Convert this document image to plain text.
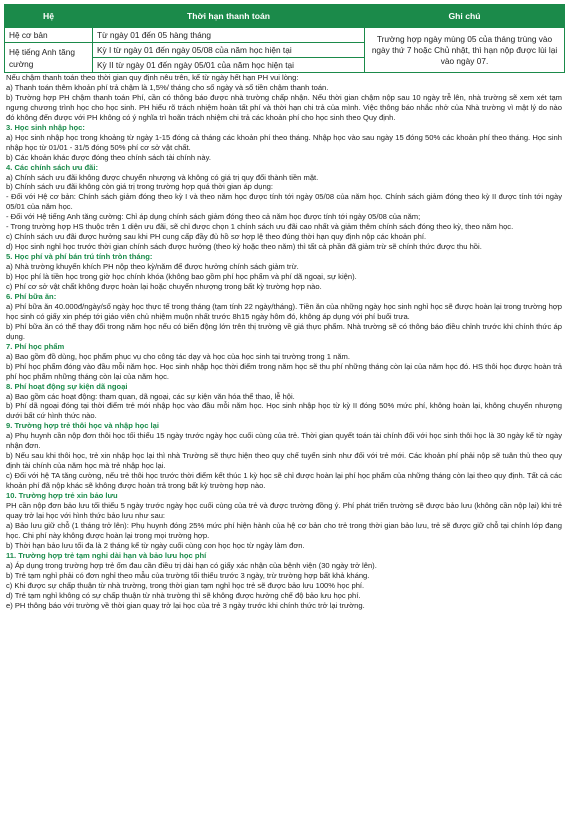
Hệ	Thời hạn thanh toán	Ghi chú
Hệ cơ bản	Từ ngày 01 đến 05 hàng tháng	Trường hợp ngày mùng 05 của tháng trùng vào ngày thứ 7 hoặc Chủ nhật, thì hạn nộp được lùi lại vào ngày 07.
Hệ tiếng Anh tăng cường	Kỳ I từ ngày 01 đến ngày 05/08 của năm học hiện tại
Kỳ II từ ngày 01 đến ngày 05/01 của năm học hiện tại	

Nếu chậm thanh toán theo thời gian quy định nêu trên, kể từ ngày hết hạn PH vui lòng:

a) Thanh toán thêm khoản phí trả chậm là 1,5%/ tháng cho số ngày và số tiền chậm thanh toán.

b) Trường hợp PH chậm thanh toán Phí, cần có thông báo được nhà trường chấp nhận. Nếu thời gian chậm nộp sau 10 ngày trễ lên, nhà trường sẽ xem xét tạm ngưng chương trình học cho học sinh. PH hiểu rõ trách nhiệm hoàn tất phí và thời hạn chi trả của mình. Việc thông báo nhắc nhở của Nhà trường vì mật lý do nào đó không đến được với PH không có ý nghĩa trì hoãn trách nhiệm chi trả các khoản phí cho học sinh theo Quy định.

3. Học sinh nhập học:

a) Học sinh nhập học trong khoảng từ ngày 1-15 đóng cả tháng các khoản phí theo tháng. Nhập học vào sau ngày 15 đóng 50% các khoản phí theo tháng. Học sinh nhập học từ 01/01 - 31/5 đóng 50% phí cơ sở vật chất.

b) Các khoản khác được đóng theo chính sách tài chính này.

4. Các chính sách ưu đãi:

a) Chính sách ưu đãi không được chuyển nhượng và không có giá trị quy đổi thành tiền mặt.

b) Chính sách ưu đãi không còn giá trị trong trường hợp quá thời gian áp dụng:

- Đối với Hệ cơ bản: Chính sách giảm đóng theo kỳ I và theo năm học được tính tới ngày 05/08 của năm học. Chính sách giảm đóng theo kỳ II được tính tới ngày 05/01 của năm học.

- Đối với Hệ tiếng Anh tăng cường: Chỉ áp dụng chính sách giảm đóng theo cả năm học được tính tới ngày 05/08 của năm;

- Trong trường hợp HS thuộc trên 1 diện ưu đãi, sẽ chỉ được chọn 1 chính sách ưu đãi cao nhất và giảm thêm chính sách đóng theo kỳ, theo năm học.

c) Chính sách ưu đãi được hưởng sau khi PH cung cấp đầy đủ hồ sơ hợp lệ theo đúng thời hạn quy định nộp các khoản phí.

d) Học sinh nghỉ học trước thời gian chính sách được hưởng (theo kỳ hoặc theo năm) thì tất cả phần đã giảm trừ sẽ chính thức được thu hồi.

5. Học phí và phí bán trú tính tròn tháng:

a) Nhà trường khuyến khích PH nộp theo kỳ/năm để được hưởng chính sách giảm trừ.

b) Học phí là tiền học trong giờ học chính khóa (không bao gồm phí học phẩm và phí dã ngoại, sự kiện).

c) Phí cơ sở vật chất không được hoàn lại hoặc chuyển nhượng trong bất kỳ trường hợp nào.

6. Phí bữa ăn:

a) Phí bữa ăn 40.000đ/ngày/số ngày học thực tế trong tháng (tạm tính 22 ngày/tháng). Tiền ăn của những ngày học sinh nghỉ học sẽ được hoàn lại trong trường hợp học sinh có giấy xin phép tới giáo viên chủ nhiệm muộn nhất trước 8h15 ngày hôm đó, không áp dụng với phí buổi trưa.

b) Phí bữa ăn có thể thay đổi trong năm học nếu có biến động lớn trên thị trường về giá thực phẩm. Nhà trường sẽ có thông báo điều chỉnh trước khi chính thức áp dụng.

7. Phí học phẩm

a) Bao gồm đồ dùng, học phẩm phục vụ cho công tác dạy và học của học sinh tại trường trong 1 năm.

b) Phí học phẩm đóng vào đầu mỗi năm học. Học sinh nhập học thời điểm trong năm học sẽ thu phí những tháng còn lại của năm học đó. HS thôi học được hoàn trả phí học phẩm những tháng còn lại của năm học.

8. Phí hoạt động sự kiện dã ngoại

a) Bao gồm các hoạt động: tham quan, dã ngoại, các sự kiện văn hóa thể thao, lễ hội.

b) Phí dã ngoại đóng tại thời điểm trẻ mới nhập học vào đầu mỗi năm học. Học sinh nhập học từ kỳ II đóng 50% mức phí, không hoàn lại, không chuyển nhượng dưới bất cứ hình thức nào.

9. Trường hợp trẻ thôi học và nhập học lại

a) Phụ huynh cần nộp đơn thôi học tối thiểu 15 ngày trước ngày học cuối cùng của trẻ. Thời gian quyết toán tài chính đối với học sinh thôi học là 30 ngày kể từ ngày nhận đơn.

b) Nếu sau khi thôi học, trẻ xin nhập học lại thì nhà Trường sẽ thực hiện theo quy chế tuyển sinh như đối với trẻ mới. Các khoản phí phải nộp sẽ tuân thủ theo quy định tài chính của năm học mà trẻ nhập học lại.

c) Đối với hệ TA tăng cường, nếu trẻ thôi học trước thời điểm kết thúc 1 kỳ học sẽ chỉ được hoàn lại phí học phẩm của những tháng còn lại theo quy định. Tất cả các khoản phí đã nộp khác sẽ không được hoàn trả trong bất kỳ trường hợp nào.

10. Trường hợp trẻ xin bảo lưu

PH cần nộp đơn bảo lưu tối thiểu 5 ngày trước ngày học cuối cùng của trẻ và được trường đồng ý. Phí phát triển trường sẽ được bảo lưu (không cần nộp lại) khi trẻ quay trở lại học với hình thức bảo lưu như sau:

a) Bảo lưu giữ chỗ (1 tháng trở lên): Phụ huynh đóng 25% mức phí hiện hành của hệ cơ bản cho trẻ trong thời gian bảo lưu, trẻ sẽ được giữ chỗ tại chính lớp đang học. Chi phí này không được hoàn lại trong mọi trường hợp.

b) Thời hạn bảo lưu tối đa là 2 tháng kể từ ngày cuối cùng con học học từ ngày làm đơn.

11. Trường hợp trẻ tạm nghỉ dài hạn và bảo lưu học phí

a) Áp dụng trong trường hợp trẻ ốm đau cần điều trị dài hạn có giấy xác nhận của bệnh viện (30 ngày trở lên).

b) Trẻ tạm nghỉ phải có đơn nghỉ theo mẫu của trường tối thiểu trước 3 ngày, trừ trường hợp bất khả kháng.

c) Khi được sự chấp thuận từ nhà trường, trong thời gian tạm nghỉ học trẻ sẽ được bảo lưu 100% học phí.

d) Trẻ tạm nghỉ không có sự chấp thuận từ nhà trường thì sẽ không được hưởng chế độ bảo lưu học phí.

e) PH thông báo với trường về thời gian quay trở lại học của trẻ 3 ngày trước khi chính thức trở lại trường.
